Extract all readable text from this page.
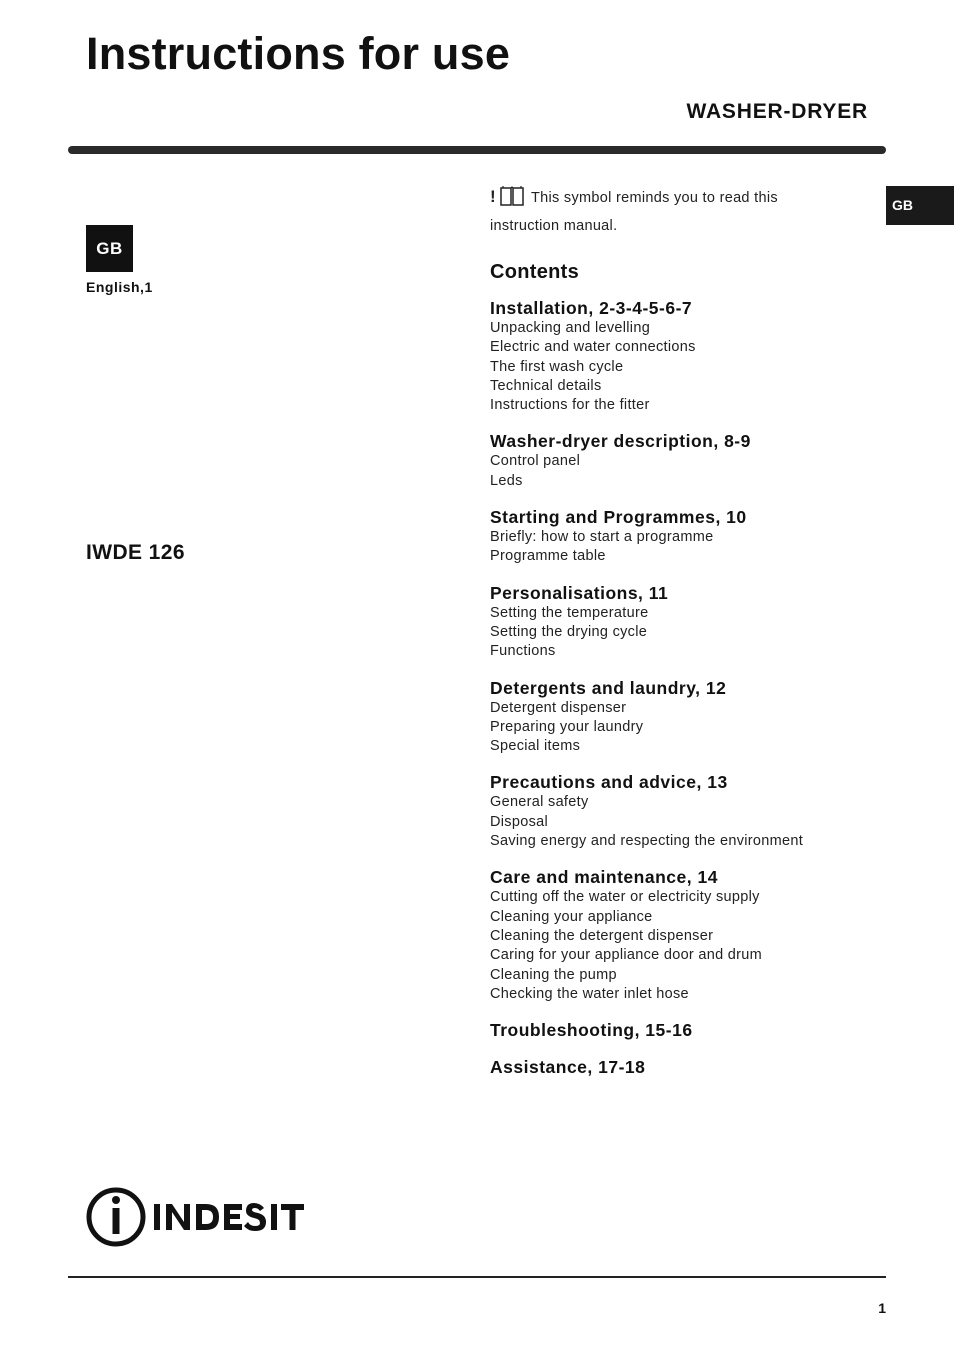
Instructions for use
WASHER-DRYER
GB
GB
English,1
IWDE 126
! This symbol reminds you to read this instruction manual.
Contents
Installation, 2-3-4-5-6-7
Unpacking and levelling
Electric and water connections
The first wash cycle
Technical details
Instructions for the fitter
Washer-dryer description, 8-9
Control panel
Leds
Starting and Programmes, 10
Briefly: how to start a programme
Programme table
Personalisations, 11
Setting the temperature
Setting the drying cycle
Functions
Detergents and laundry, 12
Detergent dispenser
Preparing your laundry
Special items
Precautions and advice, 13
General safety
Disposal
Saving energy and respecting the environment
Care and maintenance, 14
Cutting off the water or electricity supply
Cleaning your appliance
Cleaning the detergent dispenser
Caring for your appliance door and drum
Cleaning the pump
Checking the water inlet hose
Troubleshooting, 15-16
Assistance, 17-18
1
